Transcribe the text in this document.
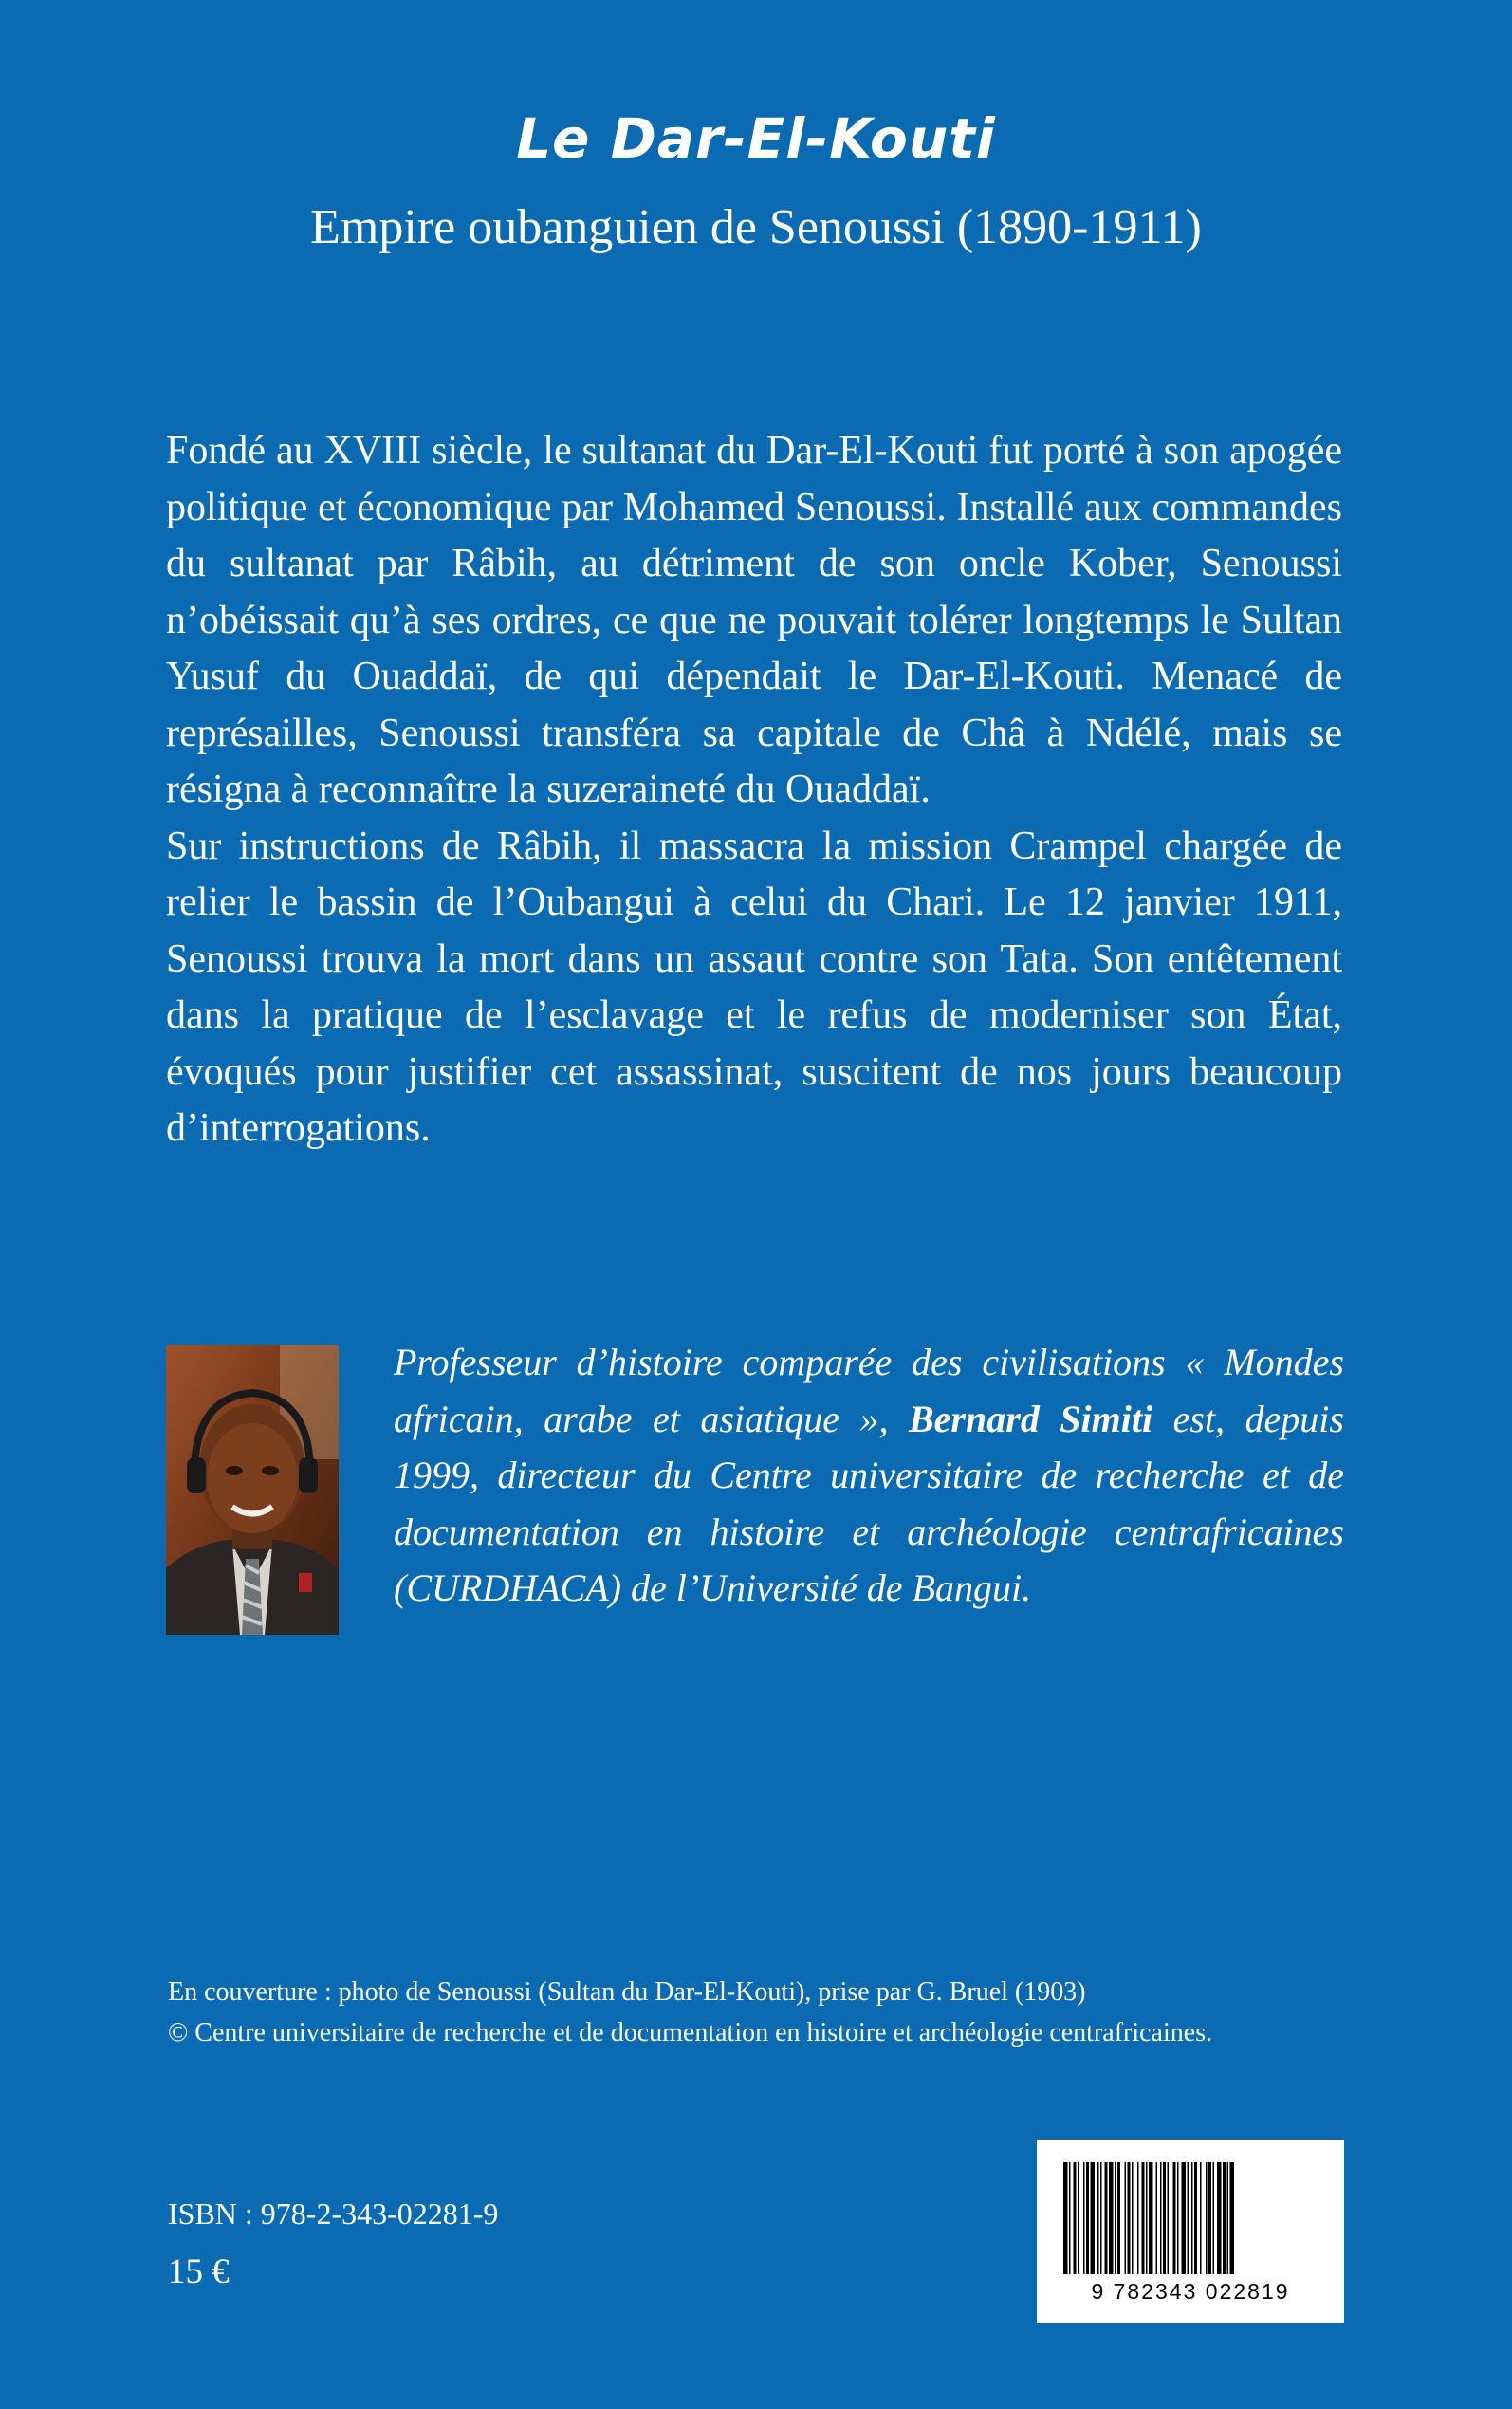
Le Dar-El-Kouti
Empire oubanguien de Senoussi (1890-1911)

Fondé au XVIII siècle, le sultanat du Dar-El-Kouti fut porté à son apogée politique et économique par Mohamed Senoussi. Installé aux commandes du sultanat par Râbih, au détriment de son oncle Kober, Senoussi n’obéissait qu’à ses ordres, ce que ne pouvait tolérer longtemps le Sultan Yusuf du Ouaddaï, de qui dépendait le Dar-El-Kouti. Menacé de représailles, Senoussi transféra sa capitale de Châ à Ndélé, mais se résigna à reconnaître la suzeraineté du Ouaddaï.

Sur instructions de Râbih, il massacra la mission Crampel chargée de relier le bassin de l’Oubangui à celui du Chari. Le 12 janvier 1911, Senoussi trouva la mort dans un assaut contre son Tata. Son entêtement dans la pratique de l’esclavage et le refus de moderniser son État, évoqués pour justifier cet assassinat, suscitent de nos jours beaucoup d’interrogations.

Professeur d’histoire comparée des civilisations « Mondes africain, arabe et asiatique », Bernard Simiti est, depuis 1999, directeur du Centre universitaire de recherche et de documentation en histoire et archéologie centrafricaines (CURDHACA) de l’Université de Bangui.

En couverture : photo de Senoussi (Sultan du Dar-El-Kouti), prise par G. Bruel (1903)
© Centre universitaire de recherche et de documentation en histoire et archéologie centrafricaines.
ISBN : 978-2-343-02281-9
15 €	9 782343 022819
